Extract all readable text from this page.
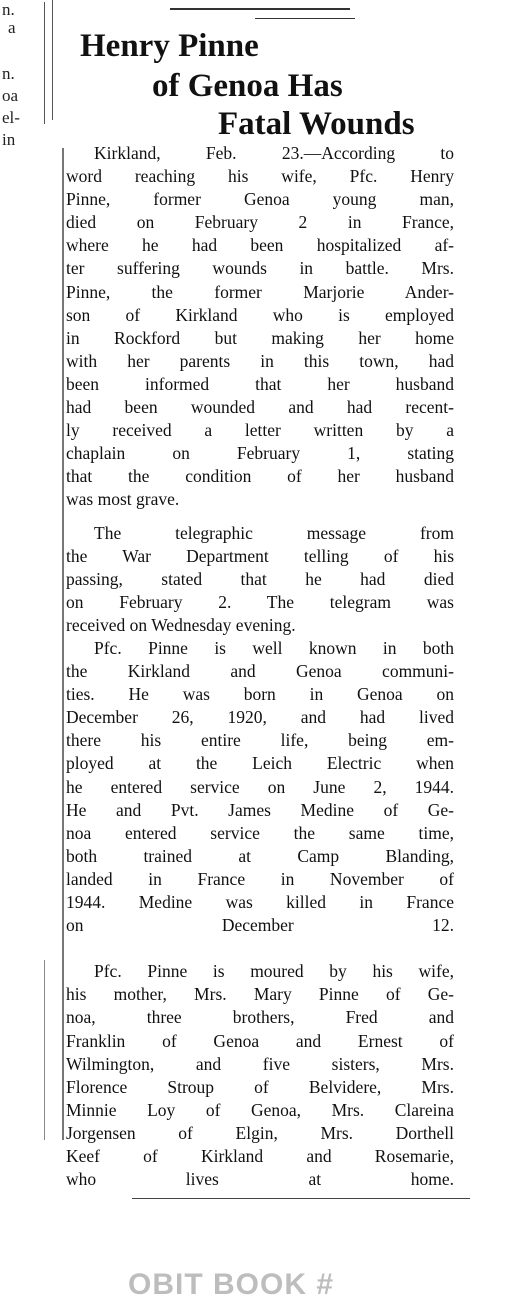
n.
a
n.
oa
el-
in
Henry Pinne
of Genoa Has
Fatal Wounds
Kirkland, Feb. 23.—According to
word reaching his wife, Pfc. Henry
Pinne, former Genoa young man,
died on February 2 in France,
where he had been hospitalized af-
ter suffering wounds in battle. Mrs.
Pinne, the former Marjorie Ander-
son of Kirkland who is employed
in Rockford but making her home
with her parents in this town, had
been informed that her husband
had been wounded and had recent-
ly received a letter written by a
chaplain on February 1, stating
that the condition of her husband
was most grave.
The telegraphic message from
the War Department telling of his
passing, stated that he had died
on February 2. The telegram was
received on Wednesday evening.
Pfc. Pinne is well known in both
the Kirkland and Genoa communi-
ties. He was born in Genoa on
December 26, 1920, and had lived
there his entire life, being em-
ployed at the Leich Electric when
he entered service on June 2, 1944.
He and Pvt. James Medine of Ge-
noa entered service the same time,
both trained at Camp Blanding,
landed in France in November of
1944. Medine was killed in France
on December 12.
Pfc. Pinne is moured by his wife,
his mother, Mrs. Mary Pinne of Ge-
noa, three brothers, Fred and
Franklin of Genoa and Ernest of
Wilmington, and five sisters, Mrs.
Florence Stroup of Belvidere, Mrs.
Minnie Loy of Genoa, Mrs. Clareina
Jorgensen of Elgin, Mrs. Dorthell
Keef of Kirkland and Rosemarie,
who lives at home.
OBIT BOOK #
